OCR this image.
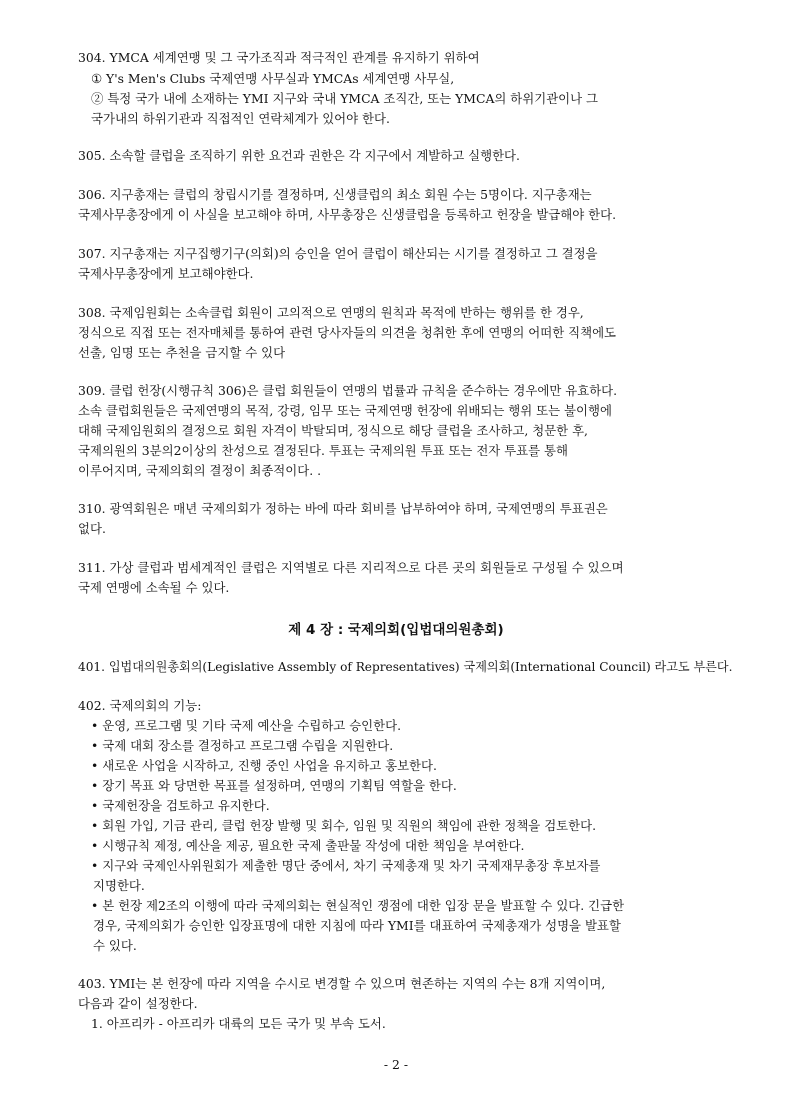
304. YMCA 세계연맹 및 그 국가조직과 적극적인 관계를 유지하기 위하여
① Y's Men's Clubs 국제연맹 사무실과 YMCAs 세계연맹 사무실,
② 특정 국가 내에 소재하는 YMI 지구와 국내 YMCA 조직간, 또는 YMCA의 하위기관이나 그
국가내의 하위기관과 직접적인 연락체계가 있어야 한다.
305. 소속할 클럽을 조직하기 위한 요건과 권한은 각 지구에서 계발하고 실행한다.
306. 지구총재는 클럽의 창립시기를 결정하며, 신생클럽의 최소 회원 수는 5명이다. 지구총재는
국제사무총장에게 이 사실을 보고해야 하며, 사무총장은 신생클럽을 등록하고 헌장을 발급해야 한다.
307. 지구총재는 지구집행기구(의회)의 승인을 얻어 클럽이 해산되는 시기를 결정하고 그 결정을
국제사무총장에게 보고해야한다.
308. 국제임원회는 소속클럽 회원이 고의적으로 연맹의 원칙과 목적에 반하는 행위를 한 경우,
정식으로 직접 또는 전자매체를 통하여 관련 당사자들의 의견을 청취한 후에 연맹의 어떠한 직책에도
선출, 임명 또는 추천을 금지할 수 있다
309. 클럽 헌장(시행규칙 306)은 클럽 회원들이 연맹의 법률과 규칙을 준수하는 경우에만 유효하다.
소속 클럽회원들은 국제연맹의 목적, 강령, 임무 또는 국제연맹 헌장에 위배되는 행위 또는 불이행에
대해 국제임원회의 결정으로 회원 자격이 박탈되며, 정식으로 해당 클럽을 조사하고, 청문한 후,
국제의원의 3분의2이상의 찬성으로 결정된다. 투표는 국제의원 투표 또는 전자 투표를 통해
이루어지며, 국제의회의 결정이 최종적이다. .
310. 광역회원은 매년 국제의회가 정하는 바에 따라 회비를 납부하여야 하며, 국제연맹의 투표권은
없다.
311. 가상 클럽과 범세계적인 클럽은 지역별로 다른 지리적으로 다른 곳의 회원들로 구성될 수 있으며
국제 연맹에 소속될 수 있다.
제 4 장 : 국제의회(입법대의원총회)
401. 입법대의원총회의(Legislative Assembly of Representatives) 국제의회(International Council) 라고도 부른다.
402. 국제의회의 기능:
• 운영, 프로그램 및 기타 국제 예산을 수립하고 승인한다.
• 국제 대회 장소를 결정하고 프로그램 수립을 지원한다.
• 새로운 사업을 시작하고, 진행 중인 사업을 유지하고 홍보한다.
• 장기 목표 와 당면한 목표를 설정하며, 연맹의 기획팀 역할을 한다.
• 국제헌장을 검토하고 유지한다.
• 회원 가입, 기금 관리, 클럽 헌장 발행 및 회수, 임원 및 직원의 책임에 관한 정책을 검토한다.
• 시행규칙 제정, 예산을 제공, 필요한 국제 출판물 작성에 대한 책임을 부여한다.
• 지구와 국제인사위원회가 제출한 명단 중에서, 차기 국제총재 및 차기 국제재무총장 후보자를
지명한다.
• 본 헌장 제2조의 이행에 따라 국제의회는 현실적인 쟁점에 대한 입장 문을 발표할 수 있다. 긴급한
경우, 국제의회가 승인한 입장표명에 대한 지침에 따라 YMI를 대표하여 국제총재가 성명을 발표할
수 있다.
403. YMI는 본 헌장에 따라 지역을 수시로 변경할 수 있으며 현존하는 지역의 수는 8개 지역이며,
다음과 같이 설정한다.
1. 아프리카 - 아프리카 대륙의 모든 국가 및 부속 도서.
- 2 -
